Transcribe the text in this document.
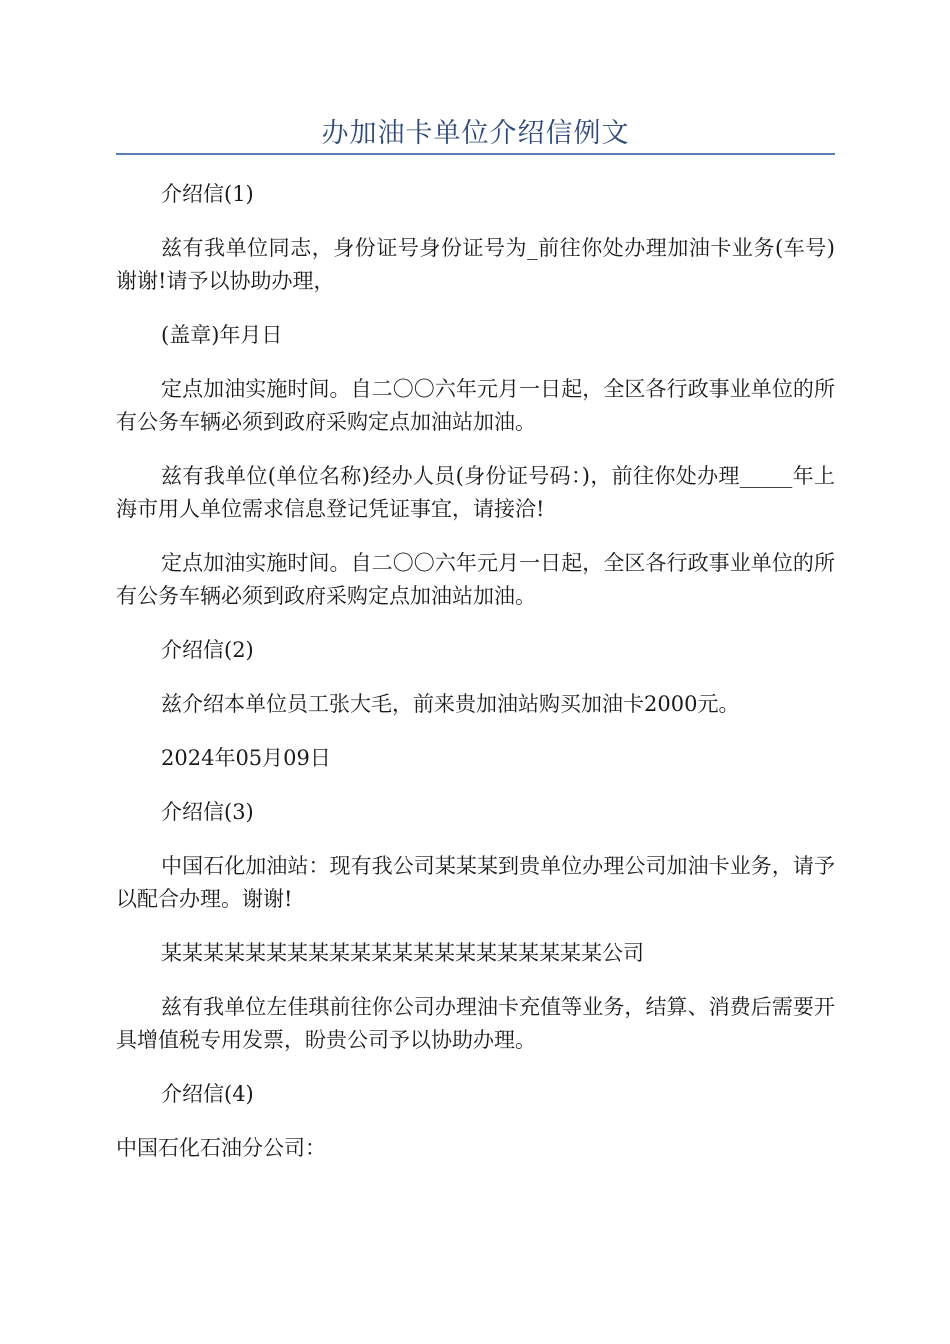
办加油卡单位介绍信例文

介绍信(1)

兹有我单位同志，身份证号身份证号为_前往你处办理加油卡业务(车号)谢谢!请予以协助办理，

(盖章)年月日

定点加油实施时间。自二〇〇六年元月一日起，全区各行政事业单位的所有公务车辆必须到政府采购定点加油站加油。

兹有我单位(单位名称)经办人员(身份证号码：)，前往你处办理_____年上海市用人单位需求信息登记凭证事宜，请接洽!

定点加油实施时间。自二〇〇六年元月一日起，全区各行政事业单位的所有公务车辆必须到政府采购定点加油站加油。

介绍信(2)

兹介绍本单位员工张大毛，前来贵加油站购买加油卡2000元。

2024年05月09日

介绍信(3)

中国石化加油站：现有我公司某某某到贵单位办理公司加油卡业务，请予以配合办理。谢谢!

某某某某某某某某某某某某某某某某某某某某某公司

兹有我单位左佳琪前往你公司办理油卡充值等业务，结算、消费后需要开具增值税专用发票，盼贵公司予以协助办理。

介绍信(4)

中国石化石油分公司：
